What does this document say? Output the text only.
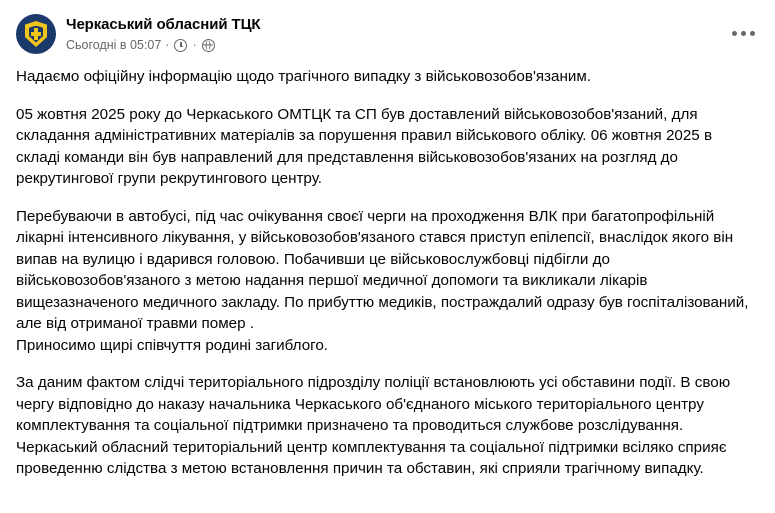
Черкаський обласний ТЦК
Сьогодні в 05:07 · ·

Надаємо офіційну інформацію щодо трагічного випадку з військовозобов'язаним.

05 жовтня 2025 року до Черкаського ОМТЦК та СП був доставлений військовозобов'язаний, для складання адміністративних матеріалів за порушення правил військового обліку. 06 жовтня 2025 в складі команди він був направлений для представлення військовозобов'язаних на розгляд до рекрутингової групи рекрутингового центру.

Перебуваючи в автобусі, під час очікування своєї черги на проходження ВЛК при багатопрофільній лікарні інтенсивного лікування, у військовозобов'язаного стався приступ епілепсії, внаслідок якого він випав на вулицю і вдарився головою. Побачивши це військовослужбовці підбігли до військовозобов'язаного з метою надання першої медичної допомоги та викликали лікарів вищезазначеного медичного закладу. По прибуттю медиків, постраждалий одразу був госпіталізований, але від отриманої травми помер .

Приносимо щирі співчуття родині загиблого.

За даним фактом слідчі територіального підрозділу поліції встановлюють усі обставини події. В свою чергу відповідно до наказу начальника Черкаського об'єднаного міського територіального центру комплектування та соціальної підтримки призначено та проводиться службове розслідування. Черкаський обласний територіальний центр комплектування та соціальної підтримки всіляко сприяє проведенню слідства з метою встановлення причин та обставин, які сприяли трагічному випадку.
